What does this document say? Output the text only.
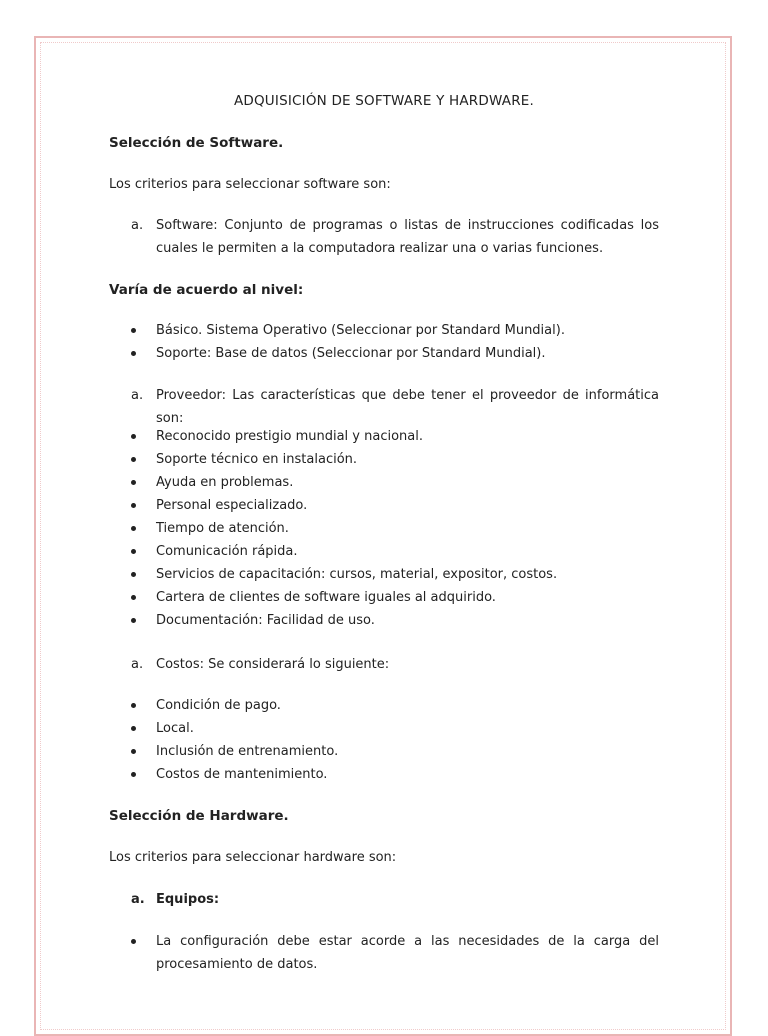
ADQUISICIÓN DE SOFTWARE Y HARDWARE.

Selección de Software.

Los criterios para seleccionar software son:

a. Software: Conjunto de programas o listas de instrucciones codificadas los cuales le permiten a la computadora realizar una o varias funciones.

Varía de acuerdo al nivel:

Básico. Sistema Operativo (Seleccionar por Standard Mundial).
Soporte: Base de datos (Seleccionar por Standard Mundial).
a. Proveedor: Las características que debe tener el proveedor de informática son:
Reconocido prestigio mundial y nacional.
Soporte técnico en instalación.
Ayuda en problemas.
Personal especializado.
Tiempo de atención.
Comunicación rápida.
Servicios de capacitación: cursos, material, expositor, costos.
Cartera de clientes de software iguales al adquirido.
Documentación: Facilidad de uso.
a. Costos: Se considerará lo siguiente:
Condición de pago.
Local.
Inclusión de entrenamiento.
Costos de mantenimiento.

Selección de Hardware.

Los criterios para seleccionar hardware son:

a. Equipos:
La configuración debe estar acorde a las necesidades de la carga del procesamiento de datos.
